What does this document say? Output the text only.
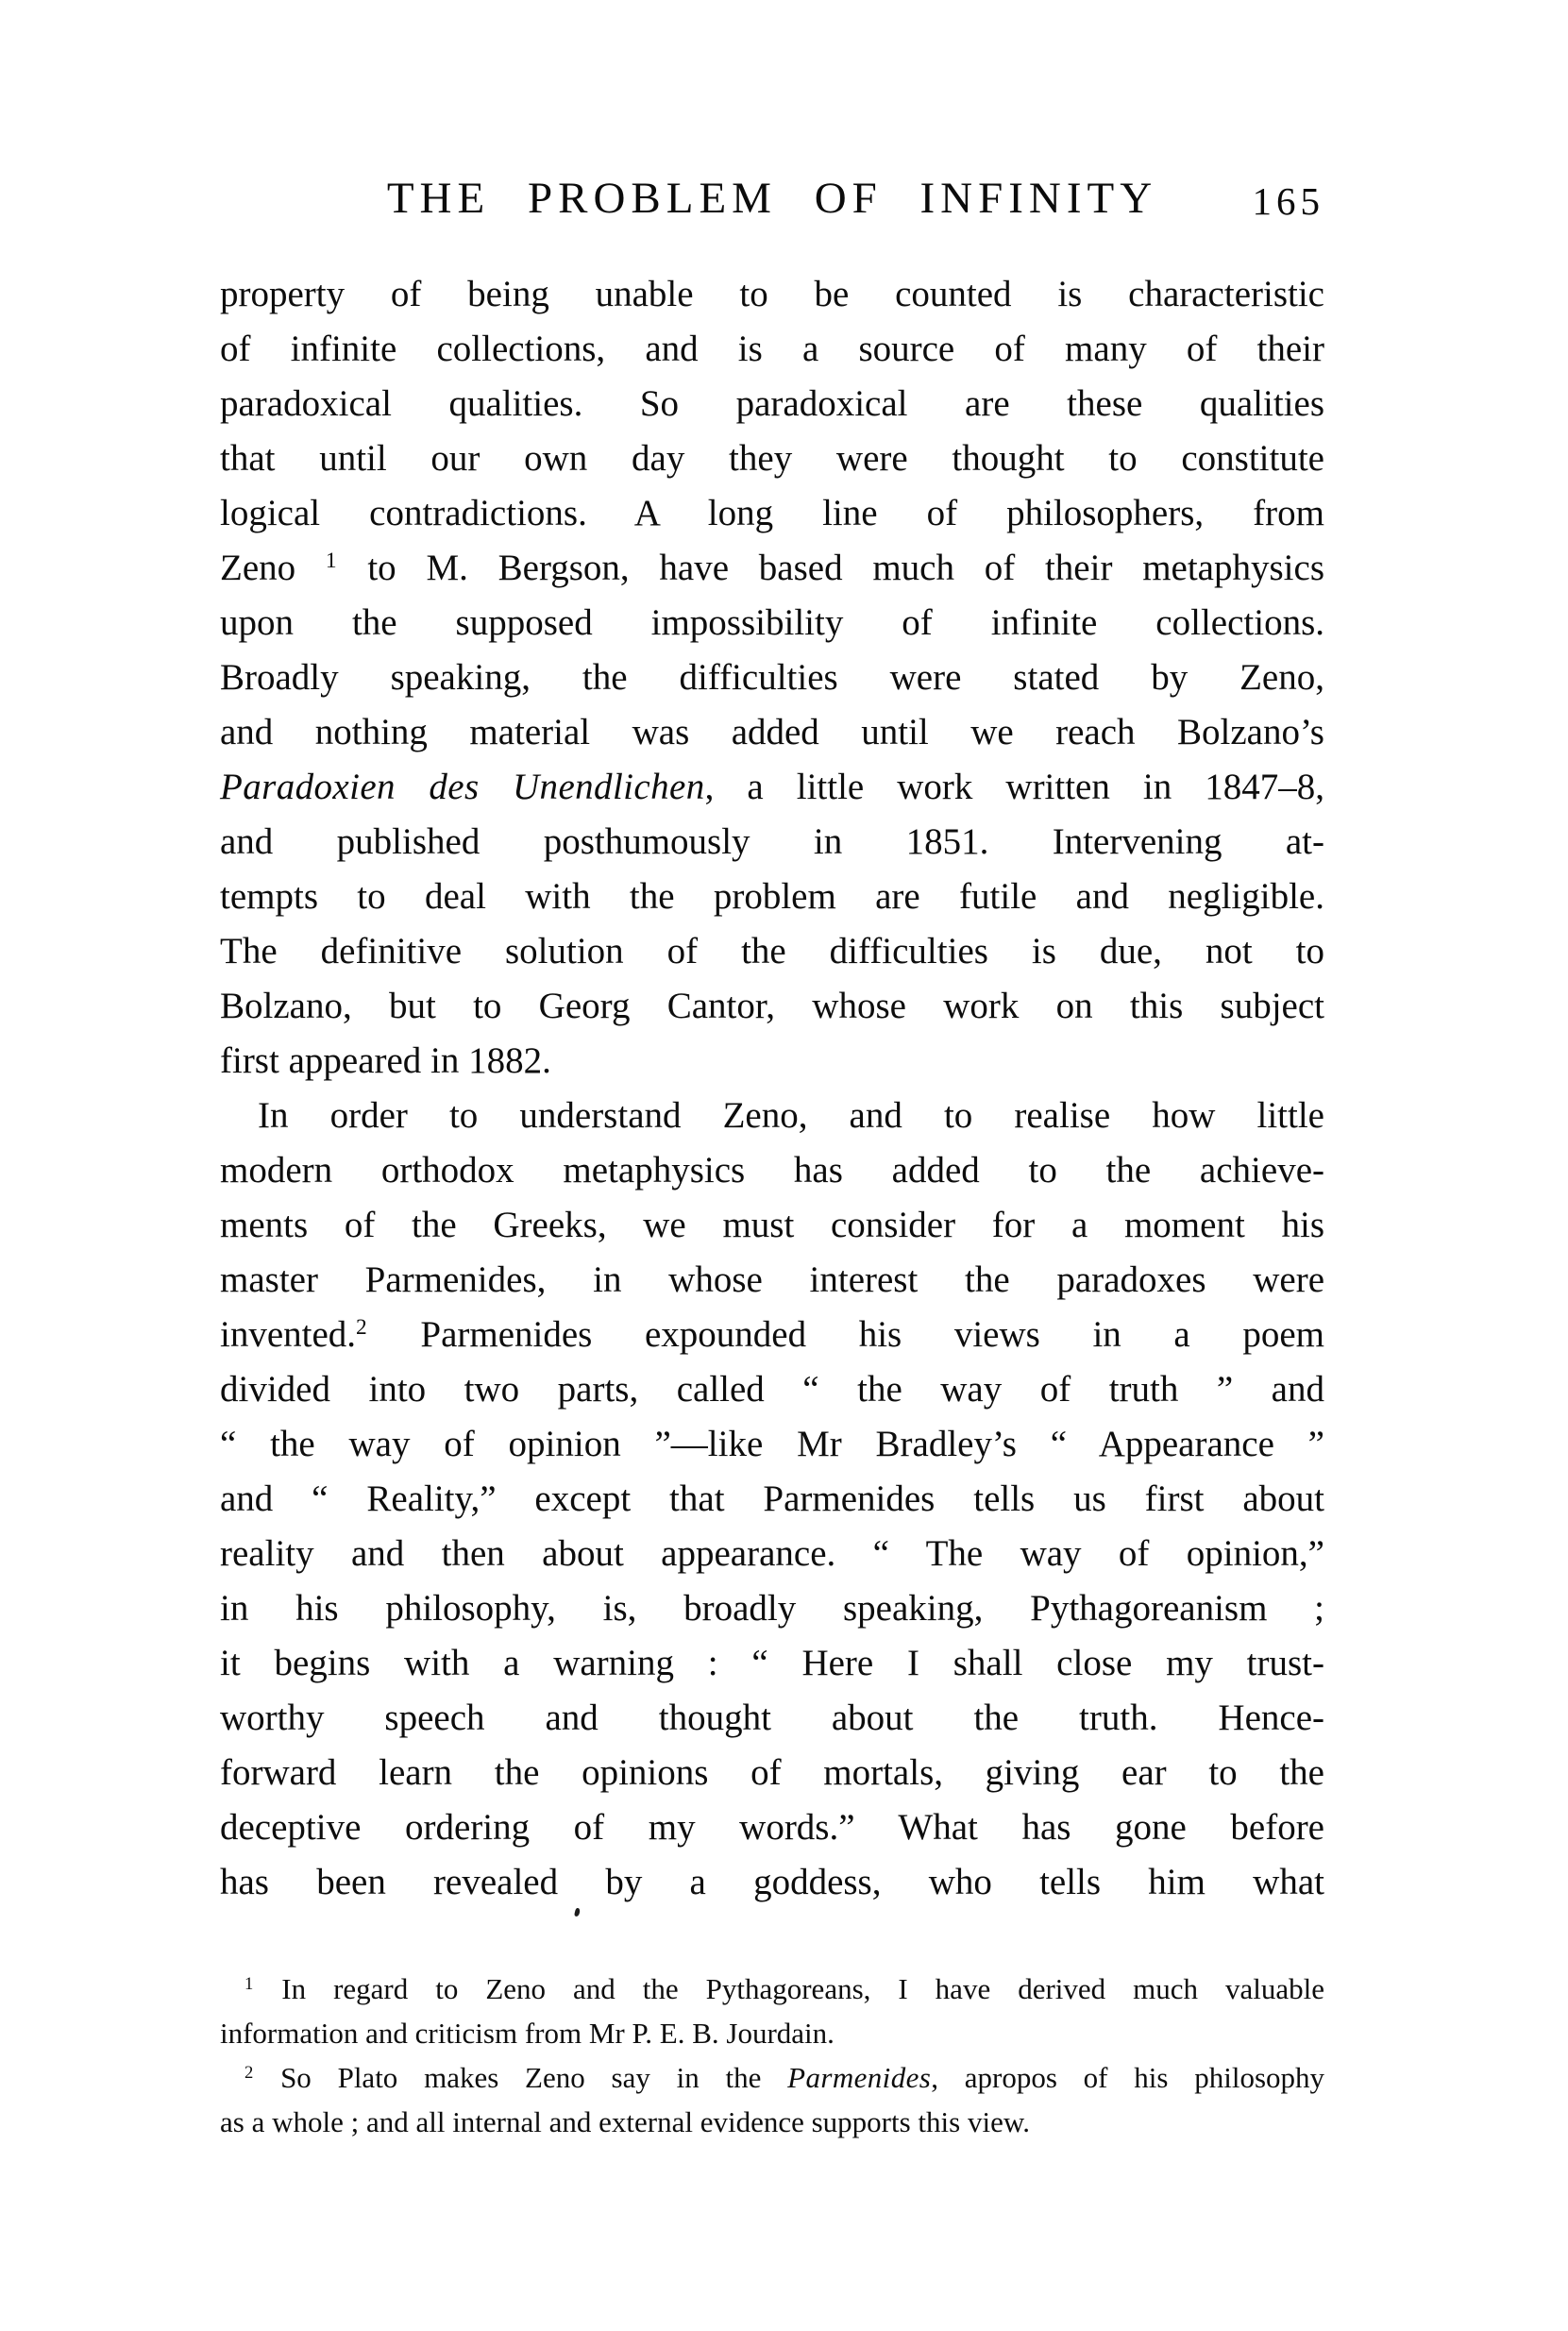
THE PROBLEM OF INFINITY 165
property of being unable to be counted is characteristic
of infinite collections, and is a source of many of their
paradoxical qualities. So paradoxical are these qualities
that until our own day they were thought to constitute
logical contradictions. A long line of philosophers, from
Zeno $^1$ to M. Bergson, have based much of their metaphysics
upon the supposed impossibility of infinite collections.
Broadly speaking, the difficulties were stated by Zeno,
and nothing material was added until we reach Bolzano’s
Paradoxien des Unendlichen, a little work written in 1847–8,
and published posthumously in 1851. Intervening at-
tempts to deal with the problem are futile and negligible.
The definitive solution of the difficulties is due, not to
Bolzano, but to Georg Cantor, whose work on this subject
first appeared in 1882.
In order to understand Zeno, and to realise how little
modern orthodox metaphysics has added to the achieve-
ments of the Greeks, we must consider for a moment his
master Parmenides, in whose interest the paradoxes were
invented.$^2$ Parmenides expounded his views in a poem
divided into two parts, called “ the way of truth ” and
“ the way of opinion ”—like Mr Bradley’s “ Appearance ”
and “ Reality,” except that Parmenides tells us first about
reality and then about appearance. “ The way of opinion,”
in his philosophy, is, broadly speaking, Pythagoreanism ;
it begins with a warning : “ Here I shall close my trust-
worthy speech and thought about the truth. Hence-
forward learn the opinions of mortals, giving ear to the
deceptive ordering of my words.” What has gone before
has been revealed by a goddess, who tells him what
$^1$ In regard to Zeno and the Pythagoreans, I have derived much valuable
information and criticism from Mr P. E. B. Jourdain.
$^2$ So Plato makes Zeno say in the Parmenides, apropos of his philosophy
as a whole ; and all internal and external evidence supports this view.
